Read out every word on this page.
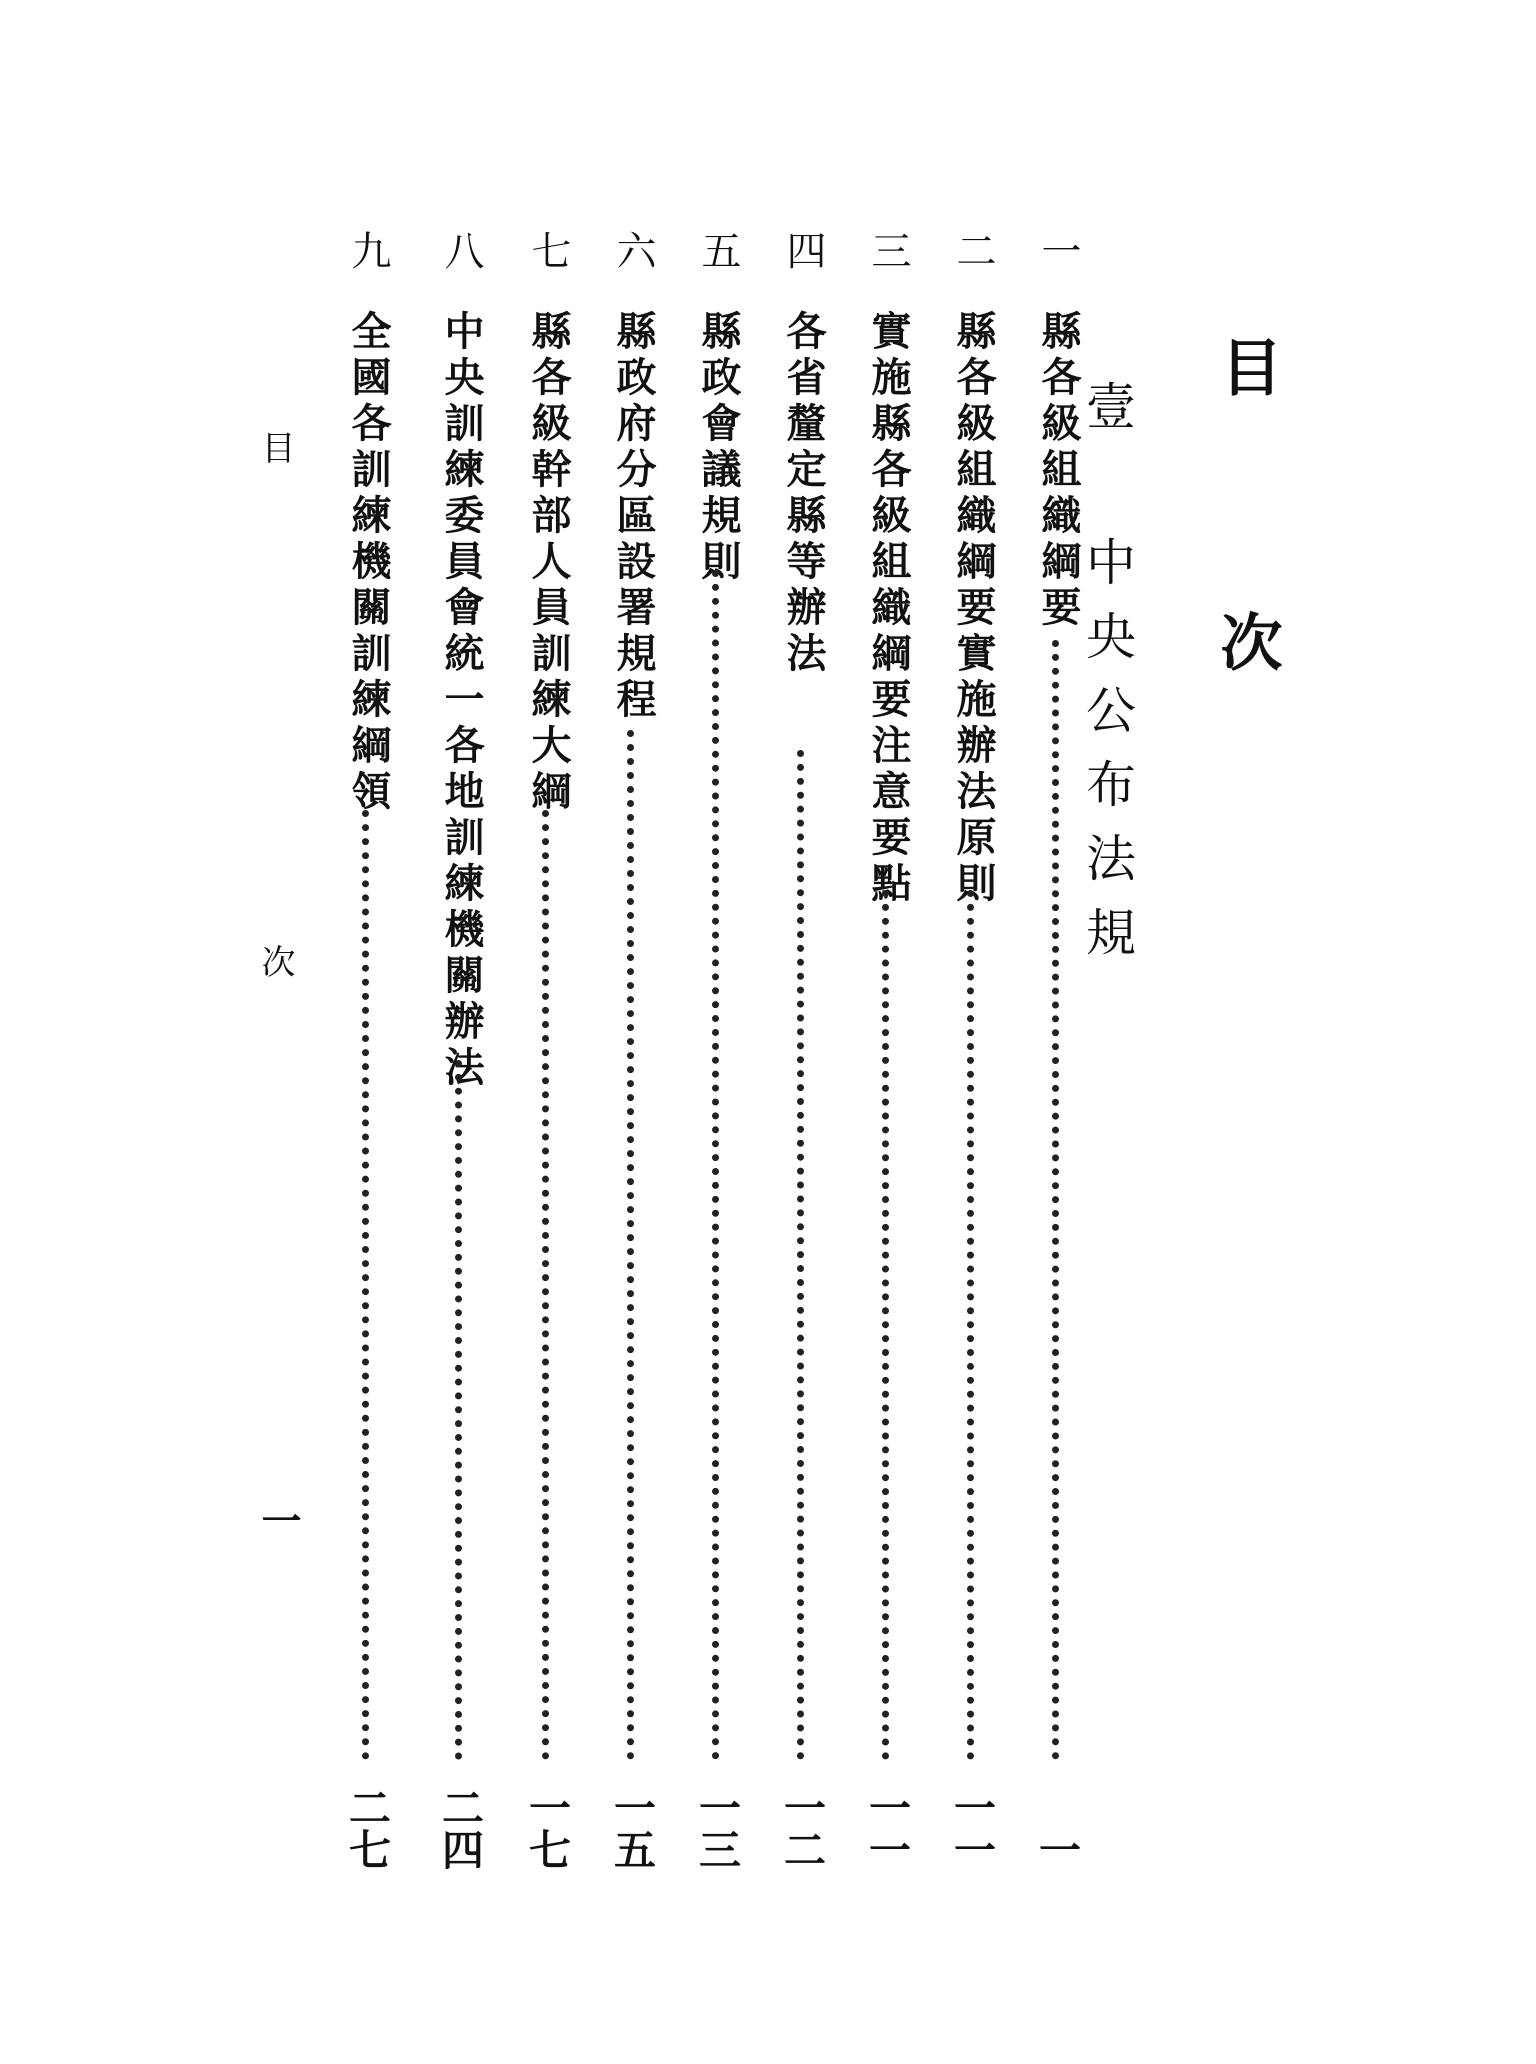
目 次
壹 中央公布法規
一
縣各級組織綱要
一
二
縣各級組織綱要實施辦法原則
一一
三
實施縣各級組織綱要注意要點
一一
四
各省釐定縣等辦法
一二
五
縣政會議規則
一三
六
縣政府分區設署規程
一五
七
縣各級幹部人員訓練大綱
一七
八
中央訓練委員會統一各地訓練機關辦法
二四
九
全國各訓練機關訓練綱領
二七
目 次
一
